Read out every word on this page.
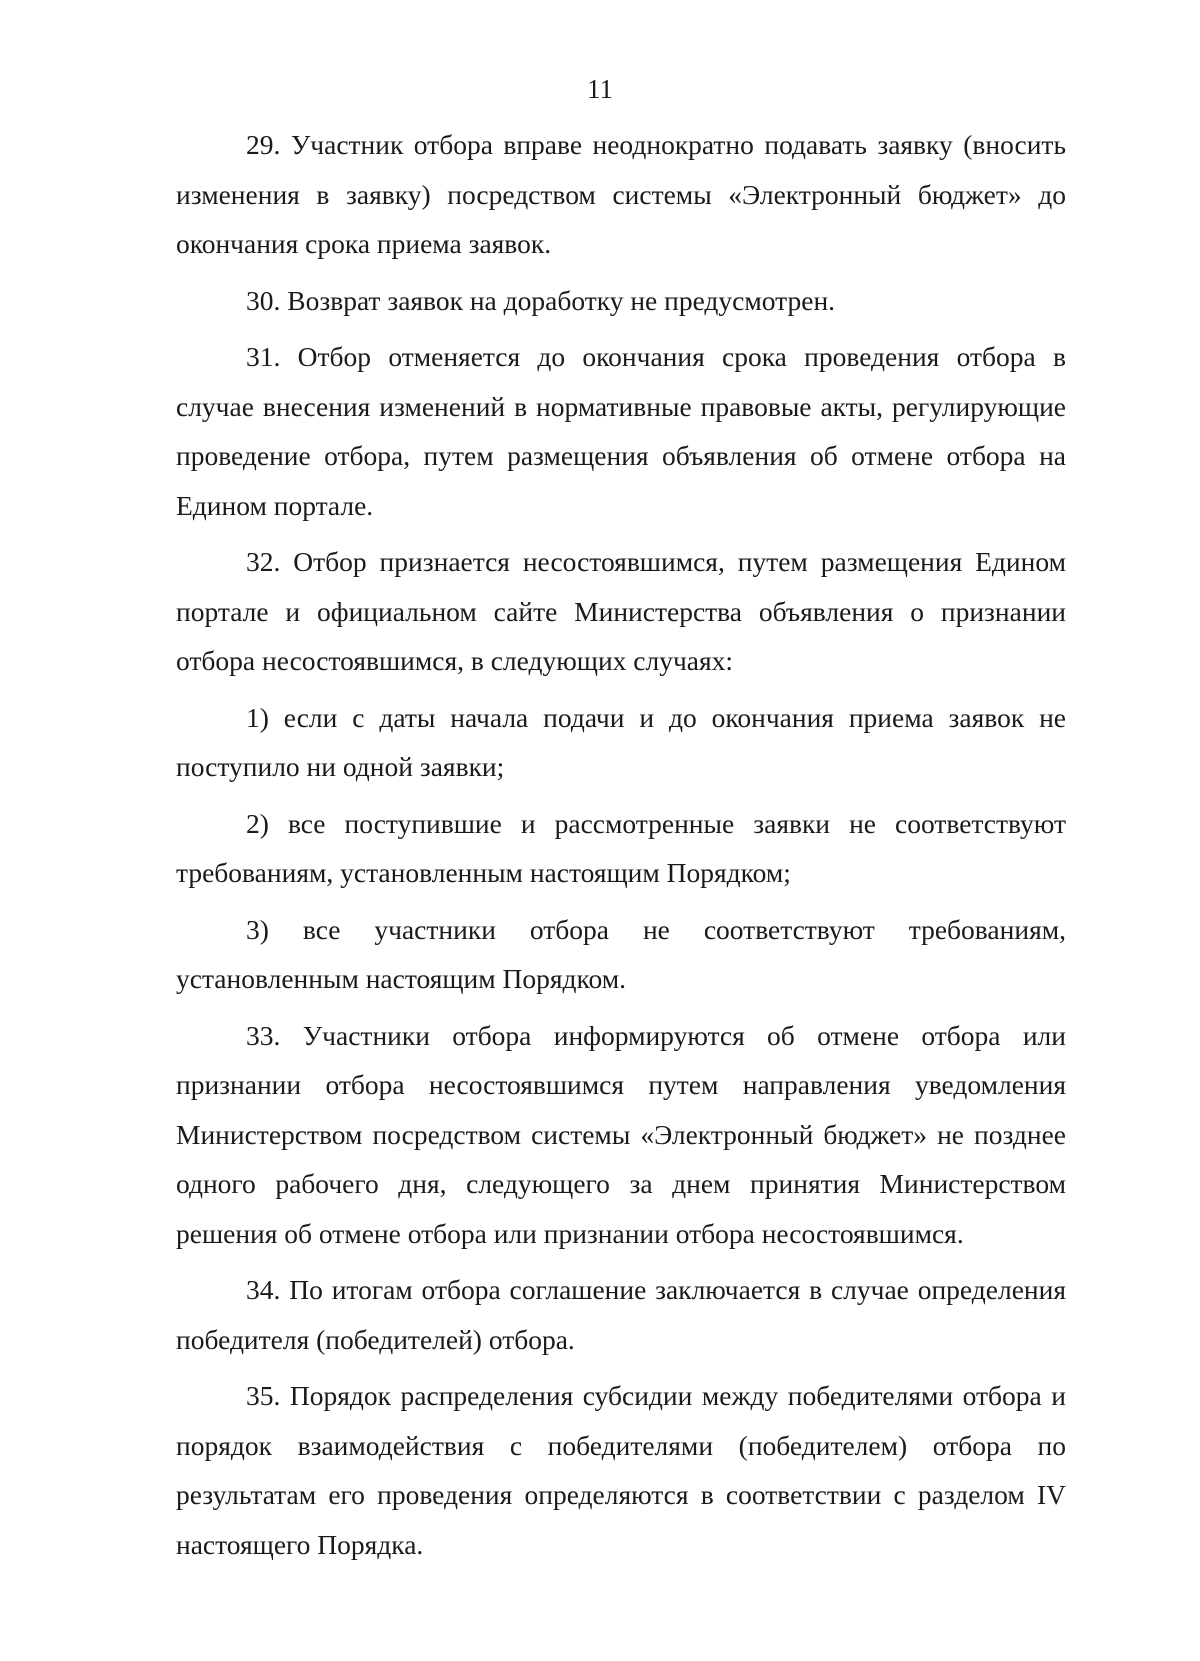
11

29. Участник отбора вправе неоднократно подавать заявку (вносить изменения в заявку) посредством системы «Электронный бюджет» до окончания срока приема заявок.

30. Возврат заявок на доработку не предусмотрен.

31. Отбор отменяется до окончания срока проведения отбора в случае внесения изменений в нормативные правовые акты, регулирующие проведение отбора, путем размещения объявления об отмене отбора на Едином портале.

32. Отбор признается несостоявшимся, путем размещения Едином портале и официальном сайте Министерства объявления о признании отбора несостоявшимся, в следующих случаях:

1) если с даты начала подачи и до окончания приема заявок не поступило ни одной заявки;

2) все поступившие и рассмотренные заявки не соответствуют требованиям, установленным настоящим Порядком;

3) все участники отбора не соответствуют требованиям, установленным настоящим Порядком.

33. Участники отбора информируются об отмене отбора или признании отбора несостоявшимся путем направления уведомления Министерством посредством системы «Электронный бюджет» не позднее одного рабочего дня, следующего за днем принятия Министерством решения об отмене отбора или признании отбора несостоявшимся.

34. По итогам отбора соглашение заключается в случае определения победителя (победителей) отбора.

35. Порядок распределения субсидии между победителями отбора и порядок взаимодействия с победителями (победителем) отбора по результатам его проведения определяются в соответствии с разделом IV настоящего Порядка.
